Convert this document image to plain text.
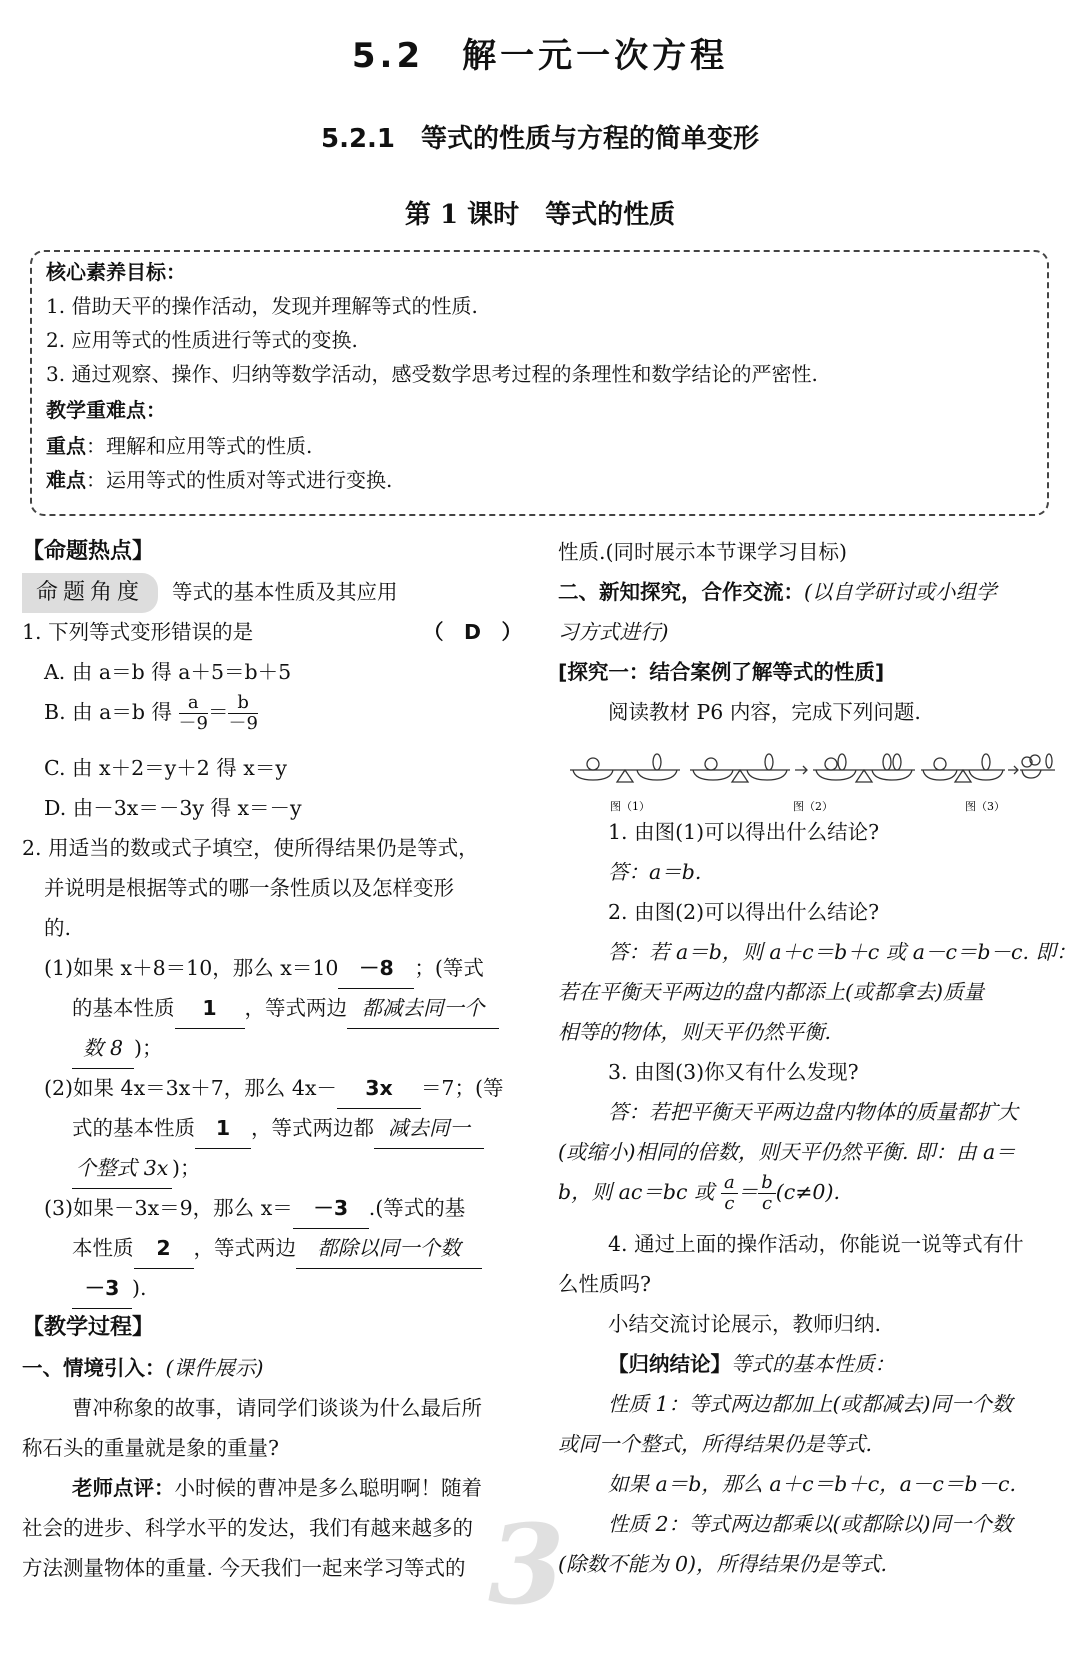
5.2　解一元一次方程
5.2.1　等式的性质与方程的简单变形
第 1 课时　等式的性质
核心素养目标：
1. 借助天平的操作活动，发现并理解等式的性质.
2. 应用等式的性质进行等式的变换.
3. 通过观察、操作、归纳等数学活动，感受数学思考过程的条理性和数学结论的严密性.
教学重难点：
重点：理解和应用等式的性质.
难点：运用等式的性质对等式进行变换.
【命题热点】
命题角度 等式的基本性质及其应用
1. 下列等式变形错误的是	（　D　）
A. 由 a＝b 得 a＋5＝b＋5
B. 由 a＝b 得 $\frac{a}{-9} = \frac{b}{-9}$
C. 由 x＋2＝y＋2 得 x＝y
D. 由－3x＝－3y 得 x＝－y
2. 用适当的数或式子填空，使所得结果仍是等式，
并说明是根据等式的哪一条性质以及怎样变形
的.
(1)如果 x＋8＝10，那么 x＝10 －8 ；(等式
的基本性质 1 ，等式两边 都减去同一个
数 8 )；
(2)如果 4x＝3x＋7，那么 4x－ 3x ＝7；(等
式的基本性质 1 ，等式两边都 减去同一
个整式 3x )；
(3)如果－3x＝9，那么 x＝ －3 .(等式的基
本性质 2 ，等式两边 都除以同一个数
－3 ).
【教学过程】
一、情境引入：(课件展示)
曹冲称象的故事，请同学们谈谈为什么最后所
称石头的重量就是象的重量?
老师点评：小时候的曹冲是多么聪明啊！随着
社会的进步、科学水平的发达，我们有越来越多的
方法测量物体的重量. 今天我们一起来学习等式的
性质.(同时展示本节课学习目标)
二、新知探究，合作交流：(以自学研讨或小组学
习方式进行)
[探究一：结合案例了解等式的性质]
阅读教材 P6 内容，完成下列问题.
1. 由图(1)可以得出什么结论?
答：a＝b.
2. 由图(2)可以得出什么结论?
答：若 a＝b，则 a＋c＝b＋c 或 a－c＝b－c. 即：
若在平衡天平两边的盘内都添上(或都拿去)质量
相等的物体，则天平仍然平衡.
3. 由图(3)你又有什么发现?
答：若把平衡天平两边盘内物体的质量都扩大
(或缩小)相同的倍数，则天平仍然平衡. 即：由 a＝
b，则 ac＝bc 或 $\frac{a}{c} = \frac{b}{c} (c\ne 0)$.
4. 通过上面的操作活动，你能说一说等式有什
么性质吗?
小结交流讨论展示，教师归纳.
【归纳结论】等式的基本性质：
性质 1：等式两边都加上(或都减去)同一个数
或同一个整式，所得结果仍是等式.
如果 a＝b，那么 a＋c＝b＋c，a－c＝b－c.
性质 2：等式两边都乘以(或都除以)同一个数
(除数不能为 0)，所得结果仍是等式.
图（1）	图（2）	图（3）
3
